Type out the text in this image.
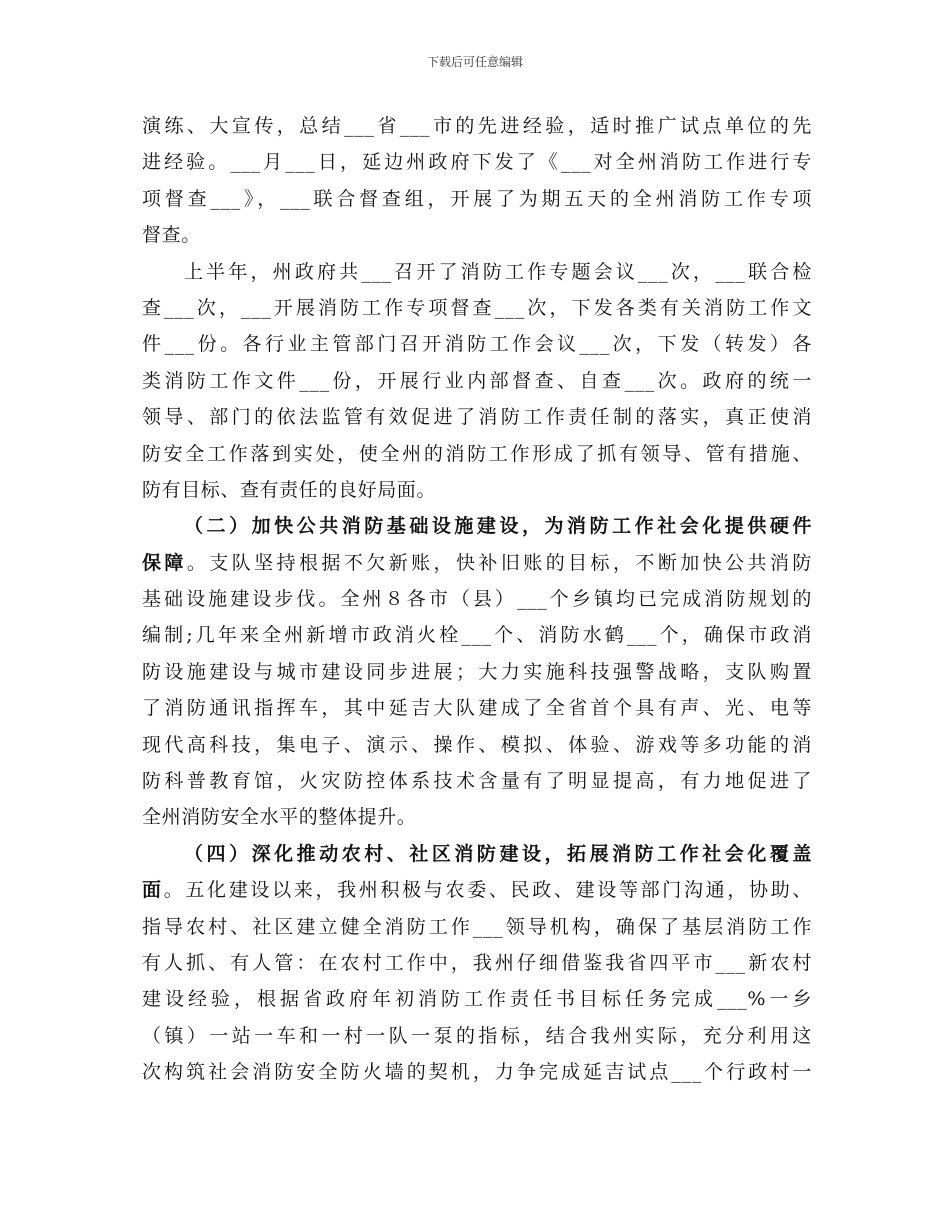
下载后可任意编辑
演练、大宣传，总结___省___市的先进经验，适时推广试点单位的先
进经验。___月___日，延边州政府下发了《___对全州消防工作进行专
项督查___》，___联合督查组，开展了为期五天的全州消防工作专项
督查。
上半年，州政府共___召开了消防工作专题会议___次，___联合检
查___次，___开展消防工作专项督查___次，下发各类有关消防工作文
件___份。各行业主管部门召开消防工作会议___次，下发（转发）各
类消防工作文件___份，开展行业内部督查、自查___次。政府的统一
领导、部门的依法监管有效促进了消防工作责任制的落实，真正使消
防安全工作落到实处，使全州的消防工作形成了抓有领导、管有措施、
防有目标、查有责任的良好局面。
（二）加快公共消防基础设施建设，为消防工作社会化提供硬件
保障。支队坚持根据不欠新账，快补旧账的目标，不断加快公共消防
基础设施建设步伐。全州８各市（县）___个乡镇均已完成消防规划的
编制;几年来全州新增市政消火栓___个、消防水鹤___个，确保市政消
防设施建设与城市建设同步进展；大力实施科技强警战略，支队购置
了消防通讯指挥车，其中延吉大队建成了全省首个具有声、光、电等
现代高科技，集电子、演示、操作、模拟、体验、游戏等多功能的消
防科普教育馆，火灾防控体系技术含量有了明显提高，有力地促进了
全州消防安全水平的整体提升。
（四）深化推动农村、社区消防建设，拓展消防工作社会化覆盖
面。五化建设以来，我州积极与农委、民政、建设等部门沟通，协助、
指导农村、社区建立健全消防工作___领导机构，确保了基层消防工作
有人抓、有人管：在农村工作中，我州仔细借鉴我省四平市___新农村
建设经验，根据省政府年初消防工作责任书目标任务完成___%一乡
（镇）一站一车和一村一队一泵的指标，结合我州实际，充分利用这
次构筑社会消防安全防火墙的契机，力争完成延吉试点___个行政村一
